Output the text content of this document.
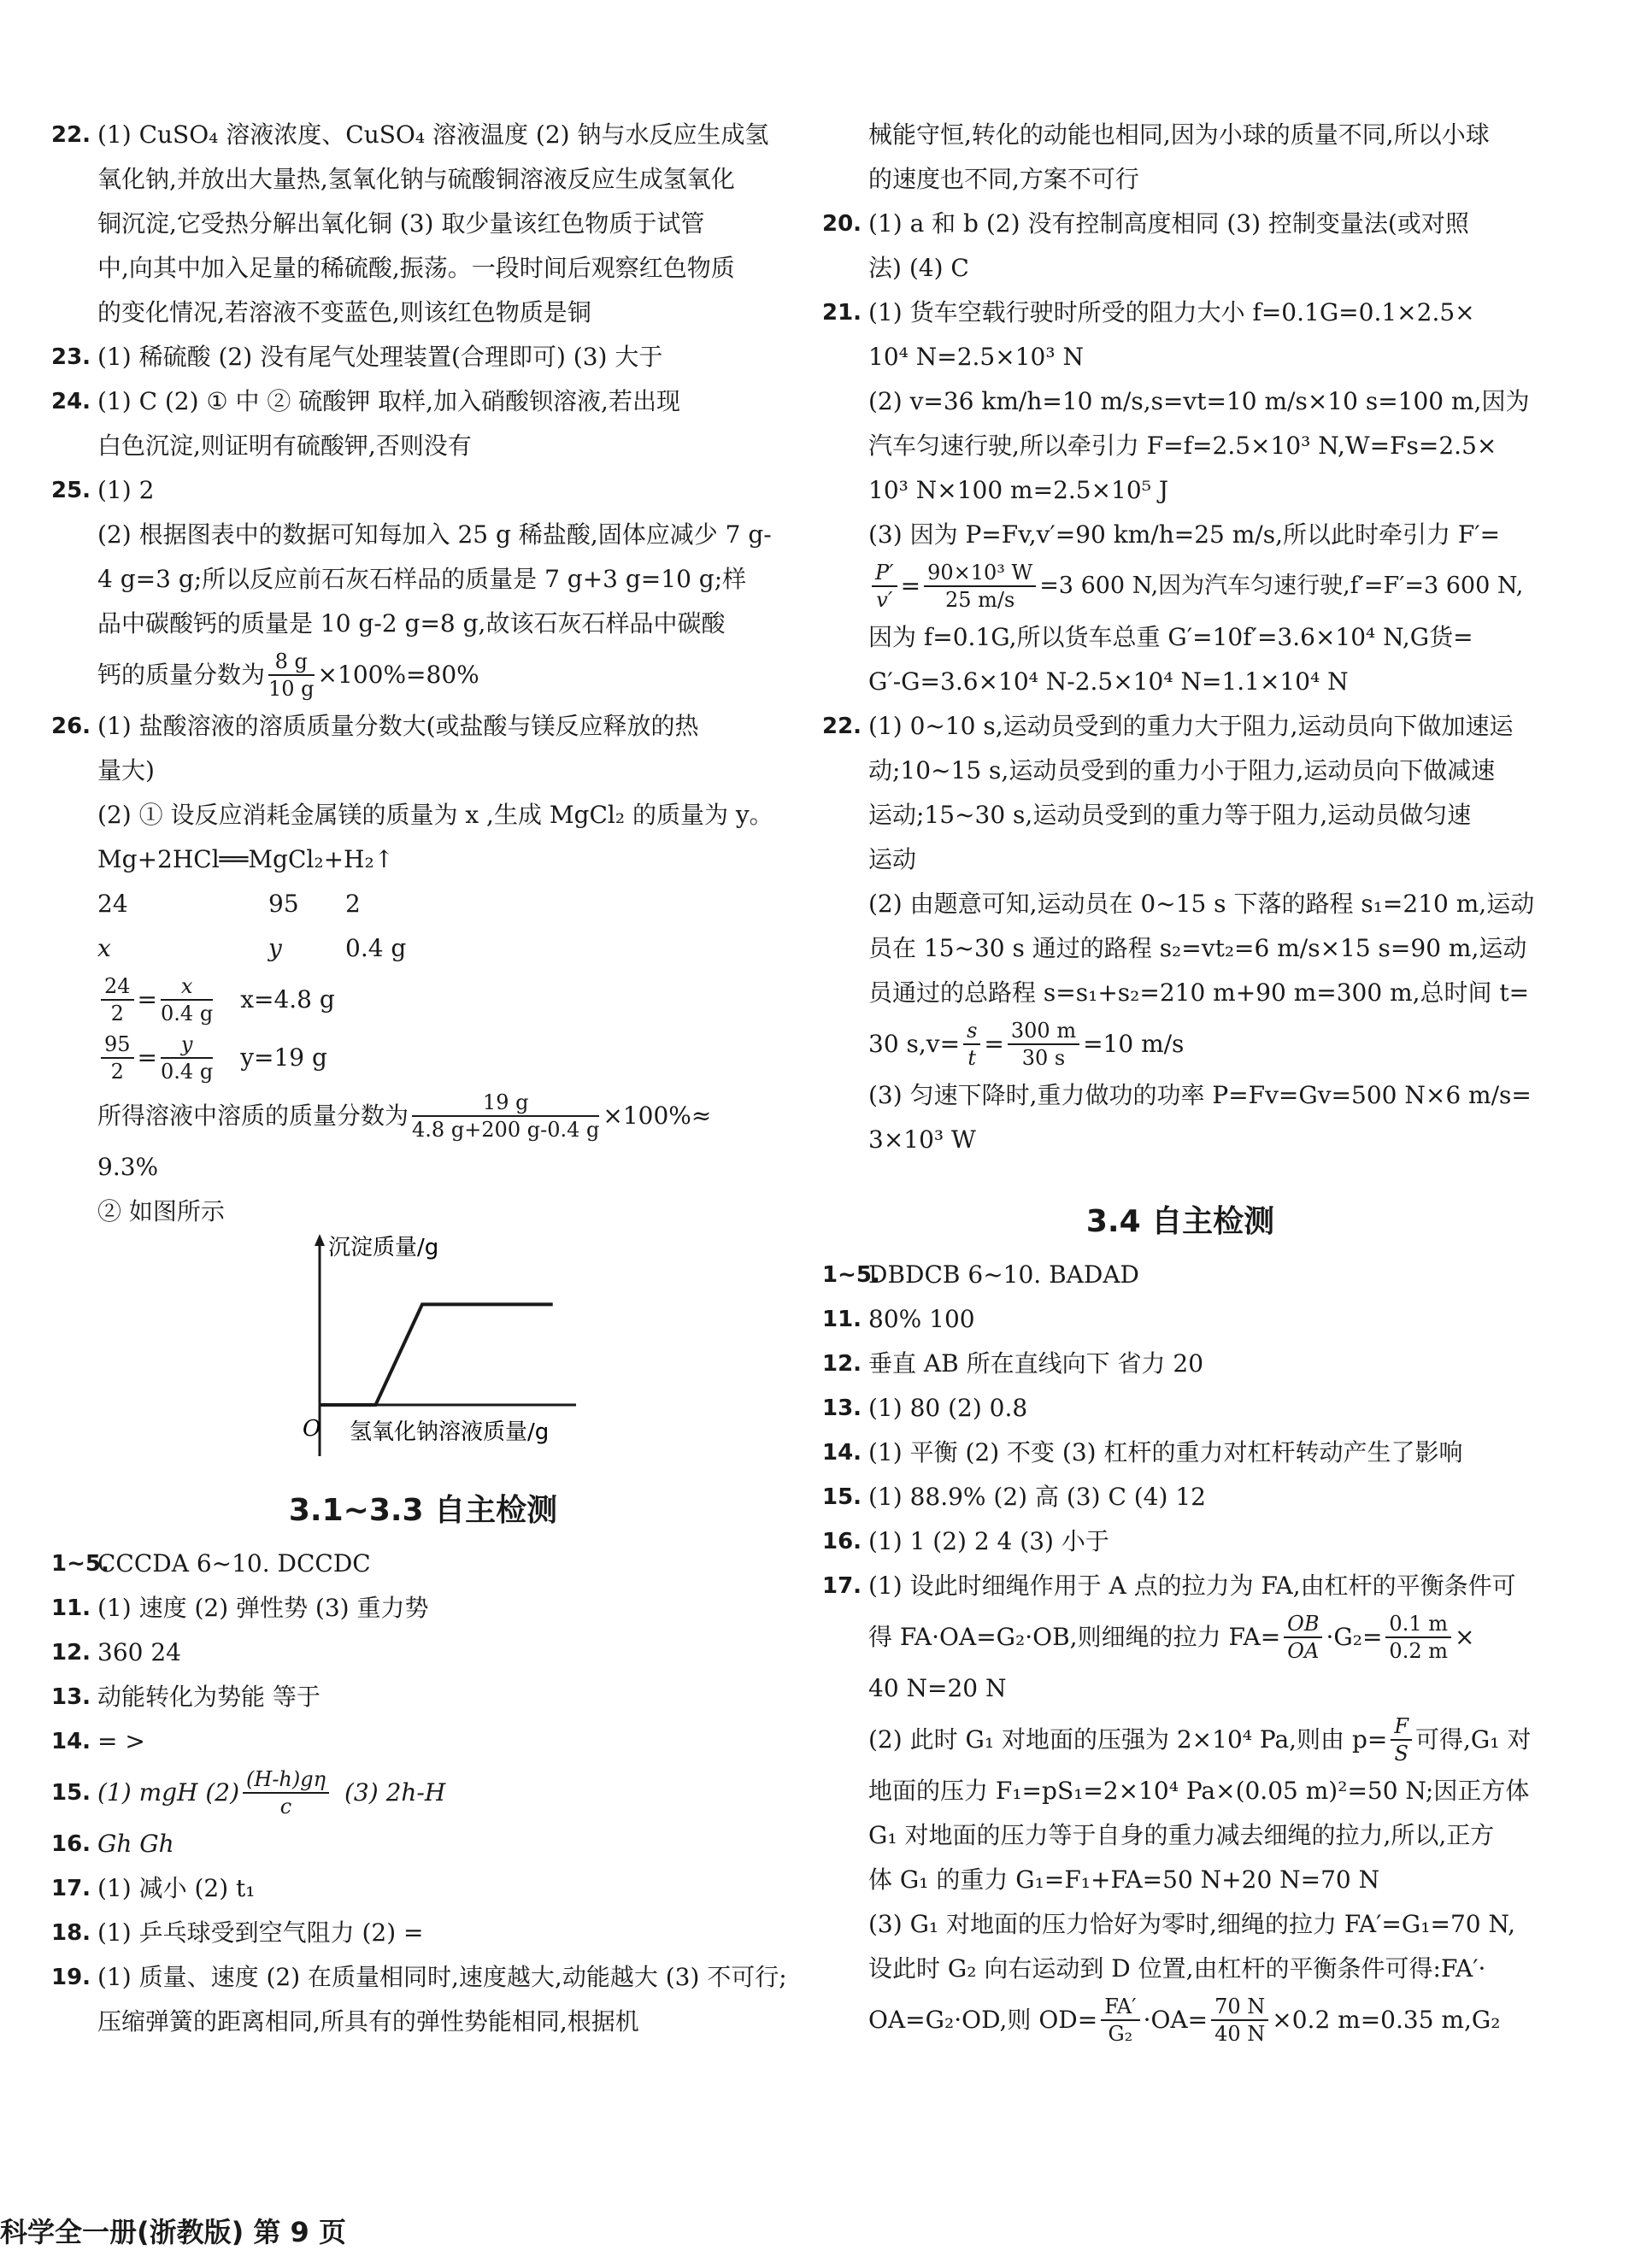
22. (1) CuSO₄ 溶液浓度、CuSO₄ 溶液温度 (2) 钠与水反应生成氢
氧化钠,并放出大量热,氢氧化钠与硫酸铜溶液反应生成氢氧化
铜沉淀,它受热分解出氧化铜 (3) 取少量该红色物质于试管
中,向其中加入足量的稀硫酸,振荡。一段时间后观察红色物质
的变化情况,若溶液不变蓝色,则该红色物质是铜
23. (1) 稀硫酸 (2) 没有尾气处理装置(合理即可) (3) 大于
24. (1) C (2) ① 中 ② 硫酸钾 取样,加入硝酸钡溶液,若出现
白色沉淀,则证明有硫酸钾,否则没有
25. (1) 2
(2) 根据图表中的数据可知每加入 25 g 稀盐酸,固体应减少 7 g-
4 g=3 g;所以反应前石灰石样品的质量是 7 g+3 g=10 g;样
品中碳酸钙的质量是 10 g-2 g=8 g,故该石灰石样品中碳酸
钙的质量分数为 $\frac{8 g}{10 g} \times 100\%=80\%$
26. (1) 盐酸溶液的溶质质量分数大(或盐酸与镁反应释放的热
量大)
(2) ① 设反应消耗金属镁的质量为 x ,生成 MgCl₂ 的质量为 y。
Mg+2HCl══MgCl₂+H₂↑
24	95	2
x	y	0.4 g
$\frac{24}{2} = \frac{x}{0.4 g} x=4.8$ g
$\frac{95}{2} = \frac{y}{0.4 g} y=19$ g
所得溶液中溶质的质量分数为 $\frac{19 g}{4.8 g+200 g-0.4 g} \times 100\%\approx$
9.3%
② 如图所示
沉淀质量/g
O 氢氧化钠溶液质量/g
3.1~3.3 自主检测
1~5.
CCCDA 6~10. DCCDC
11. (1) 速度 (2) 弹性势 (3) 重力势
12. 360 24
13. 动能转化为势能 等于
14. = >
15. (1) mgH $(2) \frac{(H-h)g\eta}{c} (3)$ 2h-H
16. Gh Gh
17. (1) 减小 (2) t₁
18. (1) 乒乓球受到空气阻力 (2) =
19. (1) 质量、速度 (2) 在质量相同时,速度越大,动能越大 (3) 不可行;压缩弹簧的距离相同,所具有的弹性势能相同,根据机
械能守恒,转化的动能也相同,因为小球的质量不同,所以小球
的速度也不同,方案不可行
20. (1) a 和 b (2) 没有控制高度相同 (3) 控制变量法(或对照
法) (4) C
21. (1) 货车空载行驶时所受的阻力大小 f=0.1G=0.1×2.5×
10⁴ N=2.5×10³ N
(2) v=36 km/h=10 m/s,s=vt=10 m/s×10 s=100 m,因为
汽车匀速行驶,所以牵引力 F=f=2.5×10³ N,W=Fs=2.5×
10³ N×100 m=2.5×10⁵ J
(3) 因为 P=Fv,v′=90 km/h=25 m/s,所以此时牵引力 F′=
$\frac{P'}{v'} = \frac{\text{90×10³ W}}{25 m/s} =3$ 600 N,因为汽车匀速行驶,f′=F′=3 600 N,
因为 f=0.1G,所以货车总重 G′=10f′=3.6×10⁴ N,G货=
G′-G=3.6×10⁴ N-2.5×10⁴ N=1.1×10⁴ N
22. (1) 0~10 s,运动员受到的重力大于阻力,运动员向下做加速运
动;10~15 s,运动员受到的重力小于阻力,运动员向下做减速
运动;15~30 s,运动员受到的重力等于阻力,运动员做匀速
运动
(2) 由题意可知,运动员在 0~15 s 下落的路程 s₁=210 m,运动
员在 15~30 s 通过的路程 s₂=vt₂=6 m/s×15 s=90 m,运动
员通过的总路程 s=s₁+s₂=210 m+90 m=300 m,总时间 t=
30 $s,v= \frac{s}{t} = \frac{300 m}{30 s} =10$ m/s
(3) 匀速下降时,重力做功的功率 P=Fv=Gv=500 N×6 m/s=
3×10³ W
3.4 自主检测
1~5.
DBDCB 6~10. BADAD
11. 80% 100
12. 垂直 AB 所在直线向下 省力 20
13. (1) 80 (2) 0.8
14. (1) 平衡 (2) 不变 (3) 杠杆的重力对杠杆转动产生了影响
15. (1) 88.9% (2) 高 (3) C (4) 12
16. (1) 1 (2) 2 4 (3) 小于
17. (1) 设此时细绳作用于 A 点的拉力为 FA,由杠杆的平衡条件可
得 FA·OA=G₂·OB,则细绳的拉力 $FA= \frac{OB}{OA} \cdot G_2= \frac{0.1 m}{0.2 m}$ ×
40 N=20 N
(2) 此时 G₁ 对地面的压强为 2×10⁴ Pa,则由 $p= \frac{F}{S}$ 可得,G₁ 对
地面的压力 F₁=pS₁=2×10⁴ Pa×(0.05 m)²=50 N;因正方体
G₁ 对地面的压力等于自身的重力减去细绳的拉力,所以,正方
体 G₁ 的重力 G₁=F₁+FA=50 N+20 N=70 N
(3) G₁ 对地面的压力恰好为零时,细绳的拉力 FA′=G₁=70 N,
设此时 G₂ 向右运动到 D 位置,由杠杆的平衡条件可得:FA′·
OA=G₂·OD,则 $OD= \frac{FA'}{\text{G₂}} \cdot OA= \frac{70 N}{40 N} \times 0.2$ m=0.35 m,G₂
科学全一册(浙教版) 第 9 页
